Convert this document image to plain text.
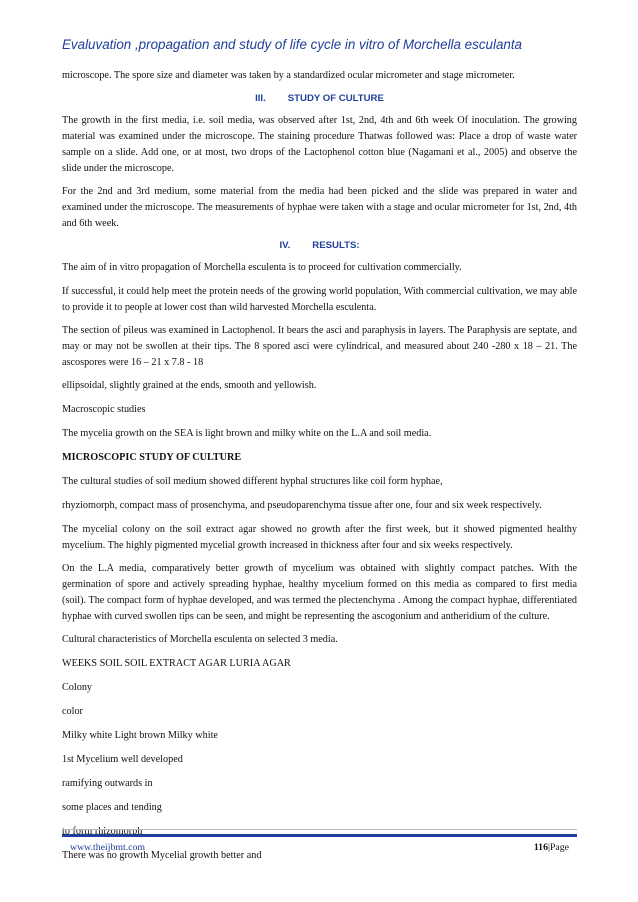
Evaluvation ,propagation and study of life cycle in vitro of Morchella esculanta

microscope. The spore size and diameter was taken by a standardized ocular micrometer and stage micrometer.

III. STUDY OF CULTURE

The growth in the first media, i.e. soil media, was observed after 1st, 2nd, 4th and 6th week Of inoculation. The growing material was examined under the microscope. The staining procedure Thatwas followed was: Place a drop of waste water sample on a slide. Add one, or at most, two drops of the Lactophenol cotton blue (Nagamani et al., 2005) and observe the slide under the microscope.

For the 2nd and 3rd medium, some material from the media had been picked and the slide was prepared in water and examined under the microscope. The measurements of hyphae were taken with a stage and ocular micrometer for 1st, 2nd, 4th and 6th week.

IV. RESULTS:

The aim of in vitro propagation of Morchella esculenta is to proceed for cultivation commercially.

If successful, it could help meet the protein needs of the growing world population, With commercial cultivation, we may able to provide it to people at lower cost than wild harvested Morchella esculenta.

The section of pileus was examined in Lactophenol. It bears the asci and paraphysis in layers. The Paraphysis are septate, and may or may not be swollen at their tips. The 8 spored asci were cylindrical, and measured about 240 -280 x 18 – 21. The ascospores were 16 – 21 x 7.8 - 18

ellipsoidal, slightly grained at the ends, smooth and yellowish.

Macroscopic studies

The mycelia growth on the SEA is light brown and milky white on the L.A and soil media.

MICROSCOPIC STUDY OF CULTURE

The cultural studies of soil medium showed different hyphal structures like coil form hyphae,

rhyziomorph, compact mass of prosenchyma, and pseudoparenchyma tissue after one, four and six week respectively.

The mycelial colony on the soil extract agar showed no growth after the first week, but it showed pigmented healthy mycelium. The highly pigmented mycelial growth increased in thickness after four and six weeks respectively.

On the L.A media, comparatively better growth of mycelium was obtained with slightly compact patches. With the germination of spore and actively spreading hyphae, healthy mycelium formed on this media as compared to first media (soil). The compact form of hyphae developed, and was termed the plectenchyma . Among the compact hyphae, differentiated hyphae with curved swollen tips can be seen, and might be representing the ascogonium and antheridium of the culture.

Cultural characteristics of Morchella esculenta on selected 3 media.

WEEKS SOIL SOIL EXTRACT AGAR LURIA AGAR

Colony

color

Milky white Light brown Milky white

1st Mycelium well developed

ramifying outwards in

some places and tending

to form rhizomorph

There was no growth Mycelial growth better and

www.theijbmt.com	116|Page
